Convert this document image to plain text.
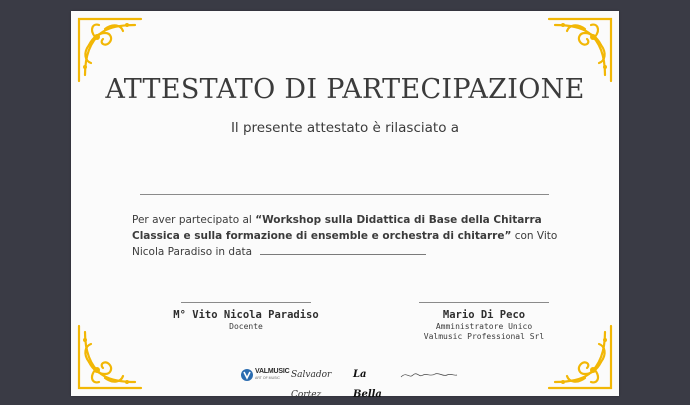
ATTESTATO DI PARTECIPAZIONE
Il presente attestato è rilasciato a
Per aver partecipato al “Workshop sulla Didattica di Base della Chitarra Classica e sulla formazione di ensemble e orchestra di chitarre” con Vito Nicola Paradiso in data
M° Vito Nicola Paradiso
Docente
Mario Di Peco
Amministratore Unico
Valmusic Professional Srl
VALMUSIC
ART OF MUSIC Salvador Cortez
La Bella
